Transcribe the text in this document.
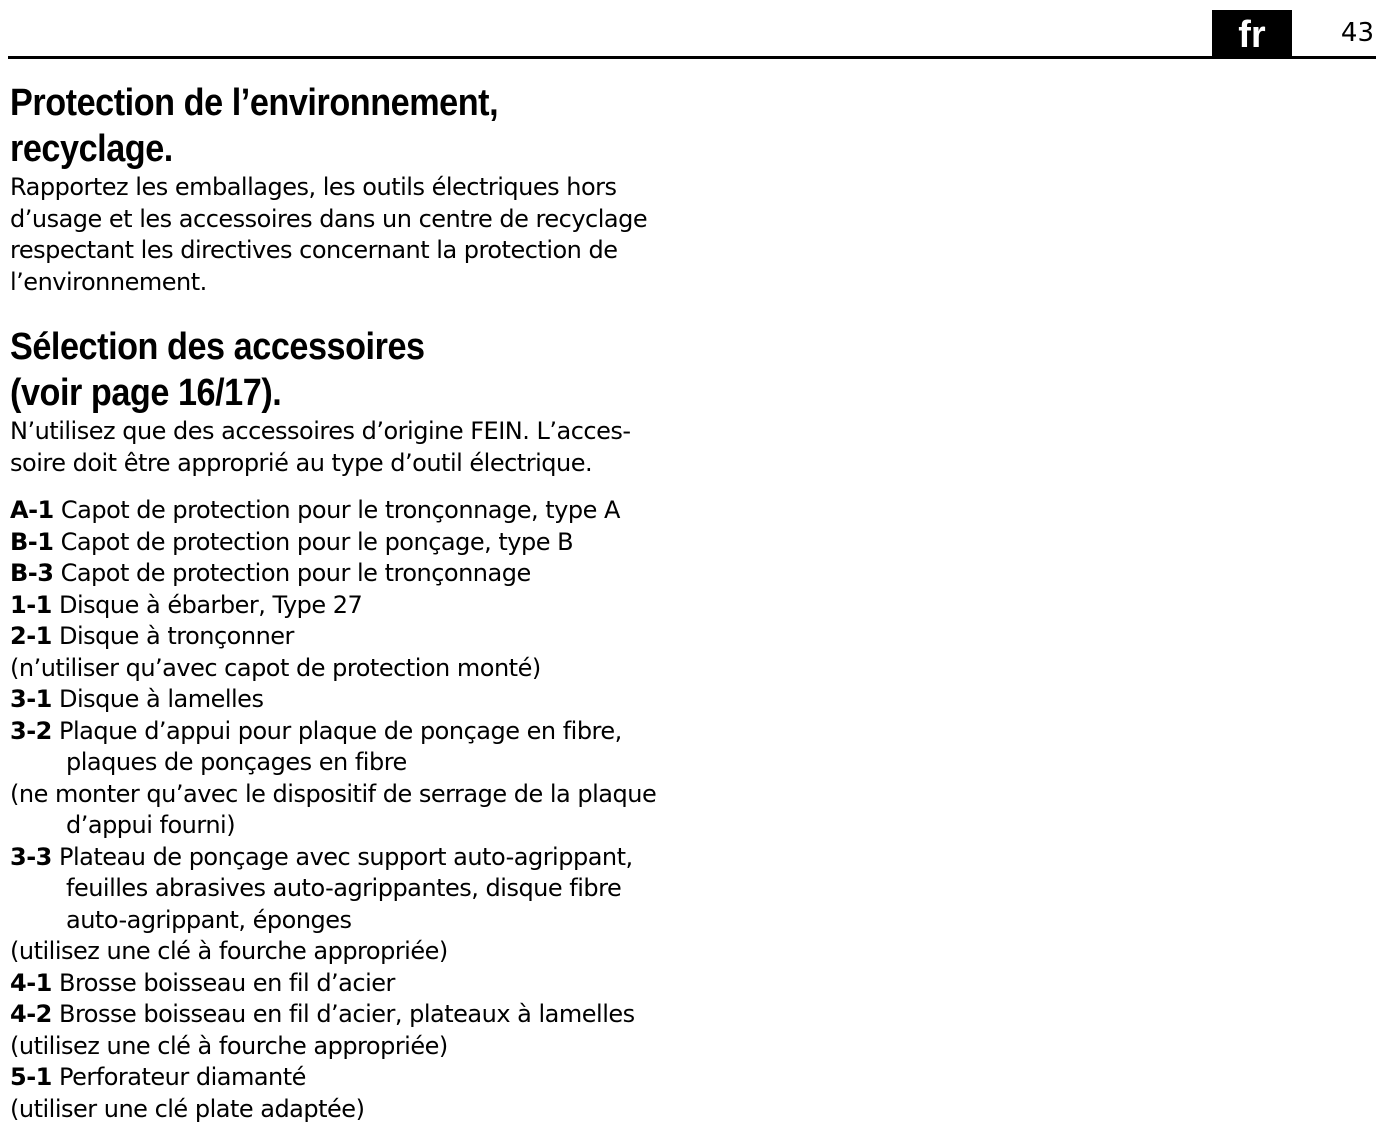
fr	43
Protection de l’environnement,
recyclage.

Rapportez les emballages, les outils électriques hors d’usage et les accessoires dans un centre de recyclage respectant les directives concernant la protection de l’environnement.

Sélection des accessoires
(voir page 16/17).

N’utilisez que des accessoires d’origine FEIN. L’acces-soire doit être approprié au type d’outil électrique.

A-1 Capot de protection pour le tronçonnage, type A
B-1 Capot de protection pour le ponçage, type B
B-3 Capot de protection pour le tronçonnage
1-1 Disque à ébarber, Type 27
2-1 Disque à tronçonner
(n’utiliser qu’avec capot de protection monté)
3-1 Disque à lamelles
3-2 Plaque d’appui pour plaque de ponçage en fibre, plaques de ponçages en fibre
(ne monter qu’avec le dispositif de serrage de la plaque d’appui fourni)
3-3 Plateau de ponçage avec support auto-agrippant, feuilles abrasives auto-agrippantes, disque fibre auto-agrippant, éponges
(utilisez une clé à fourche appropriée)
4-1 Brosse boisseau en fil d’acier
4-2 Brosse boisseau en fil d’acier, plateaux à lamelles
(utilisez une clé à fourche appropriée)
5-1 Perforateur diamanté
(utiliser une clé plate adaptée)
